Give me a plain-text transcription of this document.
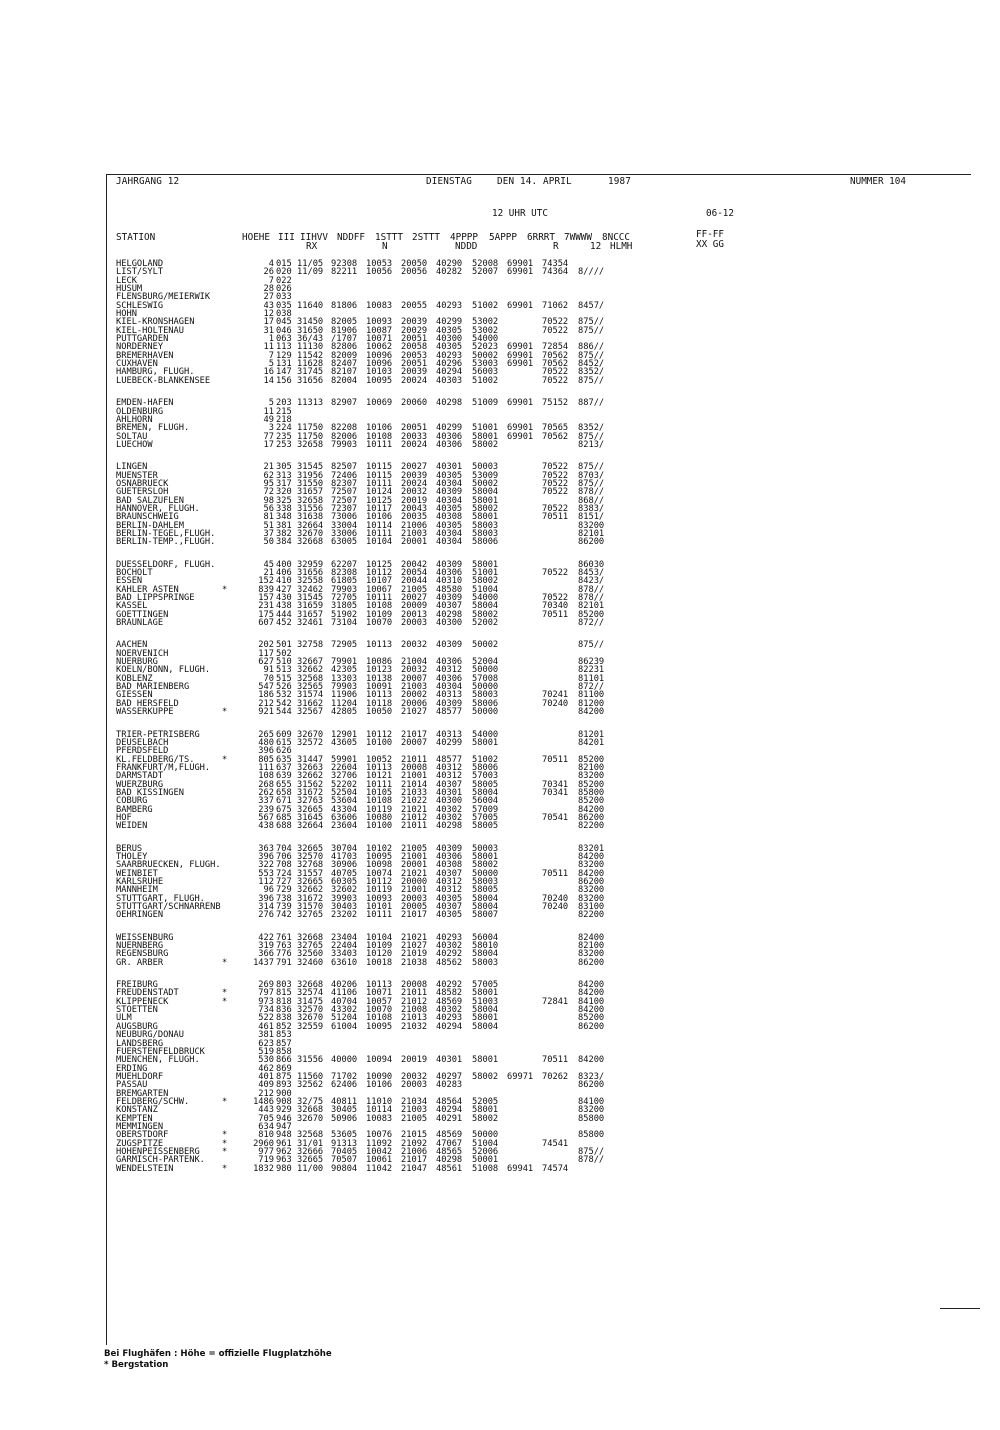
JAHRGANG 12	DIENSTAG	DEN 14. APRIL	1987	NUMMER 104
12 UHR UTC	06-12
STATION	HOEHE III IIHVV NDDFF 1STTT 2STTT 4PPPP 5APPP 6RRRT 7WWWW 8NCCC	FF-FF
XX GG
RX	N	NDDD	R	12 HLMH
HELGOLAND	4 015 11/05 92308 10053 20050 40290 52008 69901 74354
LIST/SYLT	26 020 11/09 82211 10056 20056 40282 52007 69901 74364 8////
LECK	7 022
HUSUM	28 026
FLENSBURG/MEIERWIK	27 033
SCHLESWIG	43 035 11640 81806 10083 20055 40293 51002 69901 71062 8457/
HOHN	12 038
KIEL-KRONSHAGEN	17 045 31450 82005 10093 20039 40299 53002	70522 875//
KIEL-HOLTENAU	31 046 31650 81906 10087 20029 40305 53002	70522 875//
PUTTGARDEN	1 063 36/43 /1707 10071 20051 40300 54000
NORDERNEY	11 113 11130 82806 10062 20058 40305 52023 69901 72854 886//
BREMERHAVEN	7 129 11542 82009 10096 20053 40293 50002 69901 70562 875//
CUXHAVEN	5 131 11628 82407 10096 20051 40296 53003 69901 70562 8452/
HAMBURG, FLUGH.	16 147 31745 82107 10103 20039 40294 56003	70522 8352/
LUEBECK-BLANKENSEE	14 156 31656 82004 10095 20024 40303 51002	70522 875//
EMDEN-HAFEN	5 203 11313 82907 10069 20060 40298 51009 69901 75152 887//
OLDENBURG	11 215
AHLHORN	49 218
BREMEN, FLUGH.	3 224 11750 82208 10106 20051 40299 51001 69901 70565 8352/
SOLTAU	77 235 11750 82006 10108 20033 40306 58001 69901 70562 875//
LUECHOW	17 253 32658 79903 10111 20024 40306 58002	8213/
LINGEN	21 305 31545 82507 10115 20027 40301 50003	70522 875//
MUENSTER	62 313 31956 72406 10115 20039 40305 53009	70522 8703/
OSNABRUECK	95 317 31550 82307 10111 20024 40304 50002	70522 875//
GUETERSLOH	72 320 31657 72507 10124 20032 40309 58004	70522 878//
BAD SALZUFLEN	98 325 32658 72507 10125 20019 40304 58001	868//
HANNOVER, FLUGH.	56 338 31556 72307 10117 20043 40305 58002	70522 8383/
BRAUNSCHWEIG	81 348 31638 73006 10106 20035 40308 58001	70511 8151/
BERLIN-DAHLEM	51 381 32664 33004 10114 21006 40305 58003	83200
BERLIN-TEGEL,FLUGH.	37 382 32670 33006 10111 21003 40304 58003	82101
BERLIN-TEMP.,FLUGH.	50 384 32668 63005 10104 20001 40304 58006	86200
DUESSELDORF, FLUGH.	45 400 32959 62207 10125 20042 40309 58001	86030
BOCHOLT	21 406 31656 82308 10112 20054 40306 51001	70522 8453/
ESSEN	152 410 32558 61805 10107 20044 40310 58002	8423/
KAHLER ASTEN	*	839 427 32462 79903 10067 21005 48580 51004	878//
BAD LIPPSPRINGE	157 430 31545 72705 10111 20027 40309 54000	70522 878//
KASSEL	231 438 31659 31805 10108 20009 40307 58004	70340 82101
GOETTINGEN	175 444 31657 51902 10109 20013 40298 58002	70511 85200
BRAUNLAGE	607 452 32461 73104 10070 20003 40300 52002	872//
AACHEN	202 501 32758 72905 10113 20032 40309 50002	875//
NOERVENICH	117 502
NUERBURG	627 510 32667 79901 10086 21004 40306 52004	86239
KOELN/BONN, FLUGH.	91 513 32662 42305 10123 20032 40312 50000	82231
KOBLENZ	70 515 32568 13303 10138 20007 40306 57008	81101
BAD MARIENBERG	547 526 32565 79903 10091 21003 40304 50000	872//
GIESSEN	186 532 31574 11906 10113 20002 40313 58003	70241 81100
BAD HERSFELD	212 542 31662 11204 10118 20006 40309 58006	70240 81200
WASSERKUPPE	*	921 544 32567 42805 10050 21027 48577 50000	84200
TRIER-PETRISBERG	265 609 32670 12901 10112 21017 40313 54000	81201
DEUSELBACH	480 615 32572 43605 10100 20007 40299 58001	84201
PFERDSFELD	396 626
KL.FELDBERG/TS.	*	805 635 31447 59901 10052 21011 48577 51002	70511 85200
FRANKFURT/M,FLUGH.	111 637 32663 22604 10113 20008 40312 58006	82100
DARMSTADT	108 639 32662 32706 10121 21001 40312 57003	83200
WUERZBURG	268 655 31562 52202 10111 21014 40307 58005	70341 85200
BAD KISSINGEN	262 658 31672 52504 10105 21033 40301 58004	70341 85800
COBURG	337 671 32763 53604 10108 21022 40300 56004	85200
BAMBERG	239 675 32665 43304 10119 21021 40302 57009	84200
HOF	567 685 31645 63606 10080 21012 40302 57005	70541 86200
WEIDEN	438 688 32664 23604 10100 21011 40298 58005	82200
BERUS	363 704 32665 30704 10102 21005 40309 50003	83201
THOLEY	396 706 32570 41703 10095 21001 40306 58001	84200
SAARBRUECKEN, FLUGH.	322 708 32768 30906 10098 20001 40308 58002	83200
WEINBIET	553 724 31557 40705 10074 21021 40307 50000	70511 84200
KARLSRUHE	112 727 32665 60305 10112 20000 40312 58003	86200
MANNHEIM	96 729 32662 32602 10119 21001 40312 58005	83200
STUTTGART, FLUGH.	396 738 31672 39903 10093 20003 40305 58004	70240 83200
STUTTGART/SCHNARRENB	314 739 31570 30403 10101 20005 40307 58004	70240 83100
OEHRINGEN	276 742 32765 23202 10111 21017 40305 58007	82200
WEISSENBURG	422 761 32668 23404 10104 21021 40293 56004	82400
NUERNBERG	319 763 32765 22404 10109 21027 40302 58010	82100
REGENSBURG	366 776 32560 33403 10120 21019 40292 58004	83200
GR. ARBER	*	1437 791 32460 63610 10018 21038 48562 58003	86200
FREIBURG	269 803 32668 40206 10113 20008 40292 57005	84200
FREUDENSTADT	*	797 815 32574 41106 10071 21011 48582 58001	84200
KLIPPENECK	*	973 818 31475 40704 10057 21012 48569 51003	72841 84100
STOETTEN	734 836 32570 43302 10070 21008 40302 58004	84200
ULM	522 838 32670 51204 10108 21013 40293 58001	85200
AUGSBURG	461 852 32559 61004 10095 21032 40294 58004	86200
NEUBURG/DONAU	381 853
LANDSBERG	623 857
FUERSTENFELDBRUCK	519 858
MUENCHEN, FLUGH.	530 866 31556 40000 10094 20019 40301 58001	70511 84200
ERDING	462 869
MUEHLDORF	401 875 11560 71702 10090 20032 40297 58002 69971 70262 8323/
PASSAU	409 893 32562 62406 10106 20003 40283	86200
BREMGARTEN	212 900
FELDBERG/SCHW.	*	1486 908 32/75 40811 11010 21034 48564 52005	84100
KONSTANZ	443 929 32668 30405 10114 21003 40294 58001	83200
KEMPTEN	705 946 32670 50906 10083 21005 40291 58002	85800
MEMMINGEN	634 947
OBERSTDORF	*	810 948 32568 53605 10076 21015 48569 50000	85800
ZUGSPITZE	*	2960 961 31/01 91313 11092 21092 47067 51004	74541
HOHENPEISSENBERG	*	977 962 32666 70405 10042 21006 48565 52006	875//
GARMISCH-PARTENK.	719 963 32665 70507 10061 21017 40298 50001	878//
WENDELSTEIN	*	1832 980 11/00 90804 11042 21047 48561 51008 69941 74574
Bei Flughäfen : Höhe = offizielle Flugplatzhöhe
* Bergstation
